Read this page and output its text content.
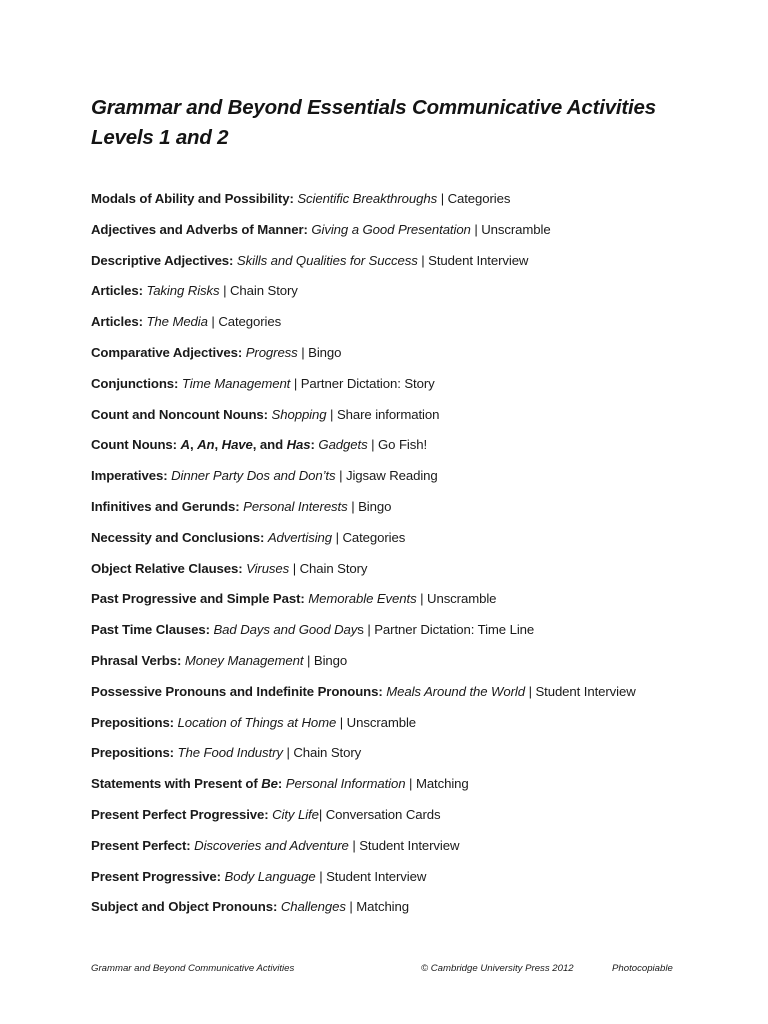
Grammar and Beyond Essentials Communicative Activities
Levels 1 and 2
Modals of Ability and Possibility: Scientific Breakthroughs | Categories
Adjectives and Adverbs of Manner: Giving a Good Presentation | Unscramble
Descriptive Adjectives: Skills and Qualities for Success | Student Interview
Articles: Taking Risks | Chain Story
Articles: The Media | Categories
Comparative Adjectives: Progress | Bingo
Conjunctions: Time Management | Partner Dictation: Story
Count and Noncount Nouns: Shopping | Share information
Count Nouns: A, An, Have, and Has: Gadgets | Go Fish!
Imperatives: Dinner Party Dos and Don’ts | Jigsaw Reading
Infinitives and Gerunds: Personal Interests | Bingo
Necessity and Conclusions: Advertising | Categories
Object Relative Clauses: Viruses | Chain Story
Past Progressive and Simple Past: Memorable Events | Unscramble
Past Time Clauses: Bad Days and Good Days | Partner Dictation: Time Line
Phrasal Verbs: Money Management | Bingo
Possessive Pronouns and Indefinite Pronouns: Meals Around the World | Student Interview
Prepositions: Location of Things at Home | Unscramble
Prepositions: The Food Industry | Chain Story
Statements with Present of Be: Personal Information | Matching
Present Perfect Progressive: City Life| Conversation Cards
Present Perfect: Discoveries and Adventure | Student Interview
Present Progressive: Body Language | Student Interview
Subject and Object Pronouns: Challenges | Matching
Grammar and Beyond Communicative Activities	© Cambridge University Press 2012	Photocopiable
